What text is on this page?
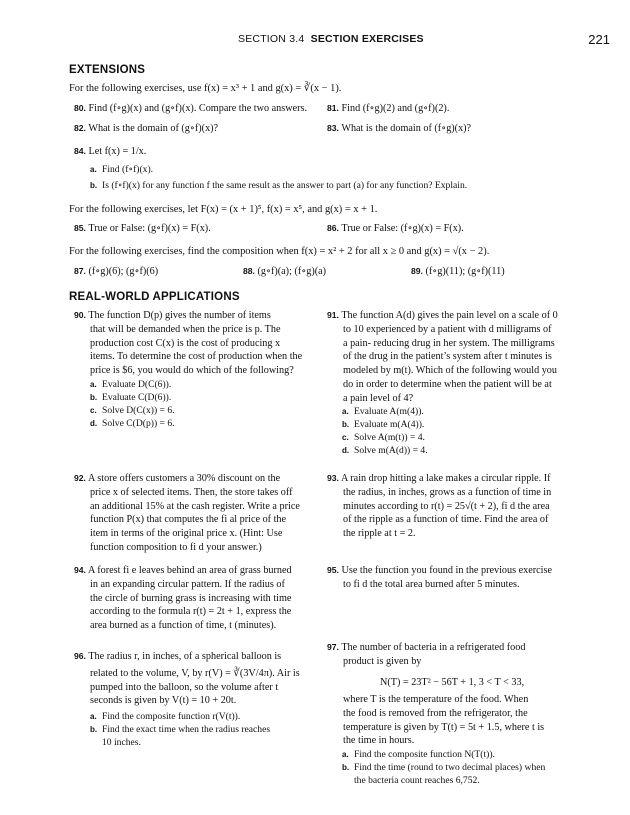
SECTION 3.4 SECTION EXERCISES	221
EXTENSIONS
For the following exercises, use f(x) = x³ + 1 and g(x) = ∛(x − 1).
80. Find (f∘g)(x) and (g∘f)(x). Compare the two answers. 81. Find (f∘g)(2) and (g∘f)(2).
82. What is the domain of (g∘f)(x)?	83. What is the domain of (f∘g)(x)?
84. Let f(x) = 1/x.
a. Find (f∘f)(x).
b. Is (f∘f)(x) for any function f the same result as the answer to part (a) for any function? Explain.
For the following exercises, let F(x) = (x + 1)⁵, f(x) = x⁵, and g(x) = x + 1.
85. True or False: (g∘f)(x) = F(x).	86. True or False: (f∘g)(x) = F(x).
For the following exercises, find the composition when f(x) = x² + 2 for all x ≥ 0 and g(x) = √(x − 2).
87. (f∘g)(6); (g∘f)(6)	88. (g∘f)(a); (f∘g)(a)	89. (f∘g)(11); (g∘f)(11)
REAL-WORLD APPLICATIONS

90. The function D(p) gives the number of items

that will be demanded when the price is p. The

production cost C(x) is the cost of producing x

items. To determine the cost of production when the

price is $6, you would do which of the following?

a. Evaluate D(C(6)).

b. Evaluate C(D(6)).

c. Solve D(C(x)) = 6.

d. Solve C(D(p)) = 6.

91. The function A(d) gives the pain level on a scale of 0

to 10 experienced by a patient with d milligrams of

a pain- reducing drug in her system. The milligrams

of the drug in the patient’s system after t minutes is

modeled by m(t). Which of the following would you

do in order to determine when the patient will be at

a pain level of 4?

a. Evaluate A(m(4)).

b. Evaluate m(A(4)).

c. Solve A(m(t)) = 4.

d. Solve m(A(d)) = 4.

92. A store offers customers a 30% discount on the

price x of selected items. Then, the store takes off

an additional 15% at the cash register. Write a price

function P(x) that computes the fi al price of the

item in terms of the original price x. (Hint: Use

function composition to fi d your answer.)

93. A rain drop hitting a lake makes a circular ripple. If

the radius, in inches, grows as a function of time in

minutes according to r(t) = 25√(t + 2), fi d the area

of the ripple as a function of time. Find the area of

the ripple at t = 2.

94. A forest fi e leaves behind an area of grass burned

in an expanding circular pattern. If the radius of

the circle of burning grass is increasing with time

according to the formula r(t) = 2t + 1, express the

area burned as a function of time, t (minutes).

95. Use the function you found in the previous exercise

to fi d the total area burned after 5 minutes.

96. The radius r, in inches, of a spherical balloon is

related to the volume, V, by r(V) = ∛(3V/4π). Air is

pumped into the balloon, so the volume after t

seconds is given by V(t) = 10 + 20t.

a. Find the composite function r(V(t)).

b. Find the exact time when the radius reaches

10 inches.

97. The number of bacteria in a refrigerated food

product is given by

N(T) = 23T² − 56T + 1, 3 < T < 33,

where T is the temperature of the food. When

the food is removed from the refrigerator, the

temperature is given by T(t) = 5t + 1.5, where t is

the time in hours.

a. Find the composite function N(T(t)).

b. Find the time (round to two decimal places) when

the bacteria count reaches 6,752.
